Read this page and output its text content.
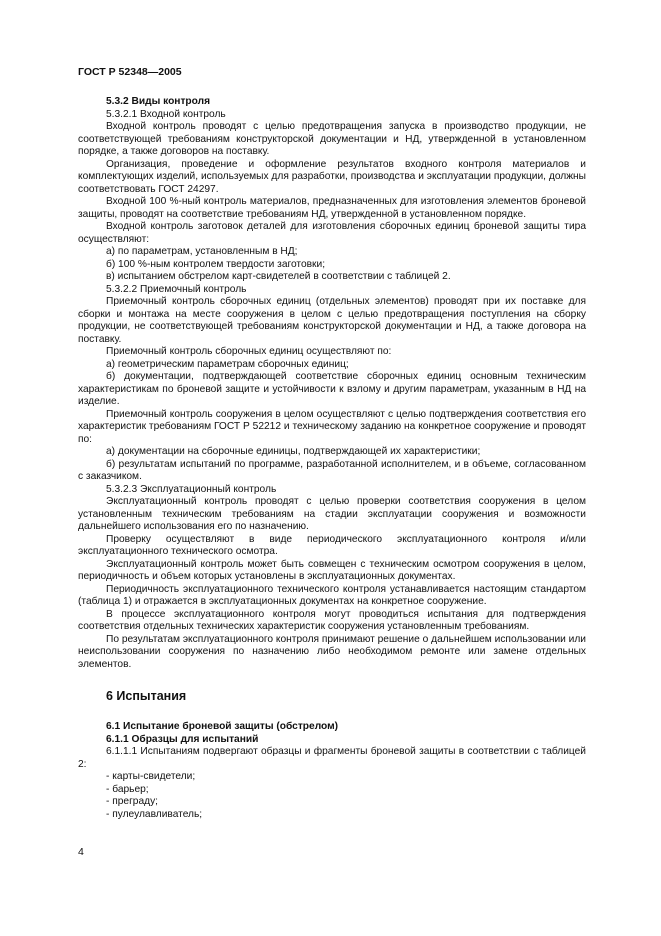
ГОСТ Р 52348—2005

5.3.2 Виды контроля

5.3.2.1 Входной контроль

Входной контроль проводят с целью предотвращения запуска в производство продукции, не соответствующей требованиям конструкторской документации и НД, утвержденной в установленном порядке, а также договоров на поставку.

Организация, проведение и оформление результатов входного контроля материалов и комплектующих изделий, используемых для разработки, производства и эксплуатации продукции, должны соответствовать ГОСТ 24297.

Входной 100 %-ный контроль материалов, предназначенных для изготовления элементов броневой защиты, проводят на соответствие требованиям НД, утвержденной в установленном порядке.

Входной контроль заготовок деталей для изготовления сборочных единиц броневой защиты тира осуществляют:

а) по параметрам, установленным в НД;

б) 100 %-ным контролем твердости заготовки;

в) испытанием обстрелом карт-свидетелей в соответствии с таблицей 2.

5.3.2.2 Приемочный контроль

Приемочный контроль сборочных единиц (отдельных элементов) проводят при их поставке для сборки и монтажа на месте сооружения в целом с целью предотвращения поступления на сборку продукции, не соответствующей требованиям конструкторской документации и НД, а также договора на поставку.

Приемочный контроль сборочных единиц осуществляют по:

а) геометрическим параметрам сборочных единиц;

б) документации, подтверждающей соответствие сборочных единиц основным техническим характеристикам по броневой защите и устойчивости к взлому и другим параметрам, указанным в НД на изделие.

Приемочный контроль сооружения в целом осуществляют с целью подтверждения соответствия его характеристик требованиям ГОСТ Р 52212 и техническому заданию на конкретное сооружение и проводят по:

а) документации на сборочные единицы, подтверждающей их характеристики;

б) результатам испытаний по программе, разработанной исполнителем, и в объеме, согласованном с заказчиком.

5.3.2.3 Эксплуатационный контроль

Эксплуатационный контроль проводят с целью проверки соответствия сооружения в целом установленным техническим требованиям на стадии эксплуатации сооружения и возможности дальнейшего использования его по назначению.

Проверку осуществляют в виде периодического эксплуатационного контроля и/или эксплуатационного технического осмотра.

Эксплуатационный контроль может быть совмещен с техническим осмотром сооружения в целом, периодичность и объем которых установлены в эксплуатационных документах.

Периодичность эксплуатационного технического контроля устанавливается настоящим стандартом (таблица 1) и отражается в эксплуатационных документах на конкретное сооружение.

В процессе эксплуатационного контроля могут проводиться испытания для подтверждения соответствия отдельных технических характеристик сооружения установленным требованиям.

По результатам эксплуатационного контроля принимают решение о дальнейшем использовании или неиспользовании сооружения по назначению либо необходимом ремонте или замене отдельных элементов.

6 Испытания

6.1 Испытание броневой защиты (обстрелом)

6.1.1 Образцы для испытаний

6.1.1.1 Испытаниям подвергают образцы и фрагменты броневой защиты в соответствии с таблицей 2:

- карты-свидетели;

- барьер;

- преграду;

- пулеулавливатель;

4
